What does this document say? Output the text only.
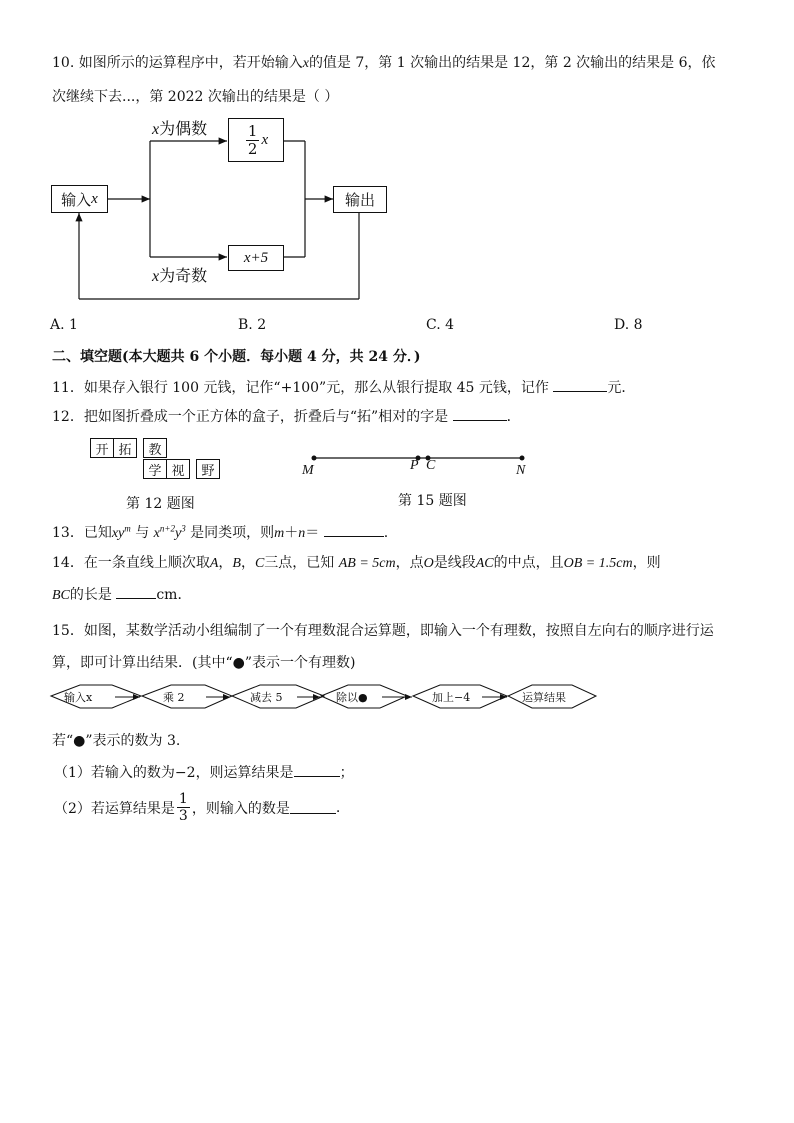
10. 如图所示的运算程序中，若开始输入x的值是 7，第 1 次输出的结果是 12，第 2 次输出的结果是 6，依
次继续下去...，第 2022 次输出的结果是（ ）
输入 x
$\frac{1}{2}$ x
x+5
输出
x为偶数
x为奇数
A. 1	B. 2	C. 4	D. 8
二、填空题(本大题共 6 个小题．每小题 4 分，共 24 分．)
11．如果存入银行 100 元钱，记作“+100”元，那么从银行提取 45 元钱，记作	元．
12．把如图折叠成一个正方体的盒子，折叠后与“拓”相对的字是	．
开 拓	教
学 视	野
第 12 题图
M	P C	N
第 15 题图
13．已知$xy^m$ 与 $x^{n+2}y^3$ 是同类项，则m＋n＝	.
14．在一条直线上顺次取A，B，C三点，已知 AB = 5cm，点O是线段AC的中点，且OB = 1.5cm，则
BC的长是	cm．
15．如图，某数学活动小组编制了一个有理数混合运算题，即输入一个有理数，按照自左向右的顺序进行运
算，即可计算出结果．(其中“●”表示一个有理数)
输入x	乘 2	减去 5	除以●	加上−4	运算结果
若“●”表示的数为 3.
（1）若输入的数为−2，则运算结果是	；
（2）若运算结果是 $\frac{1}{3}$ ，则输入的数是	.
